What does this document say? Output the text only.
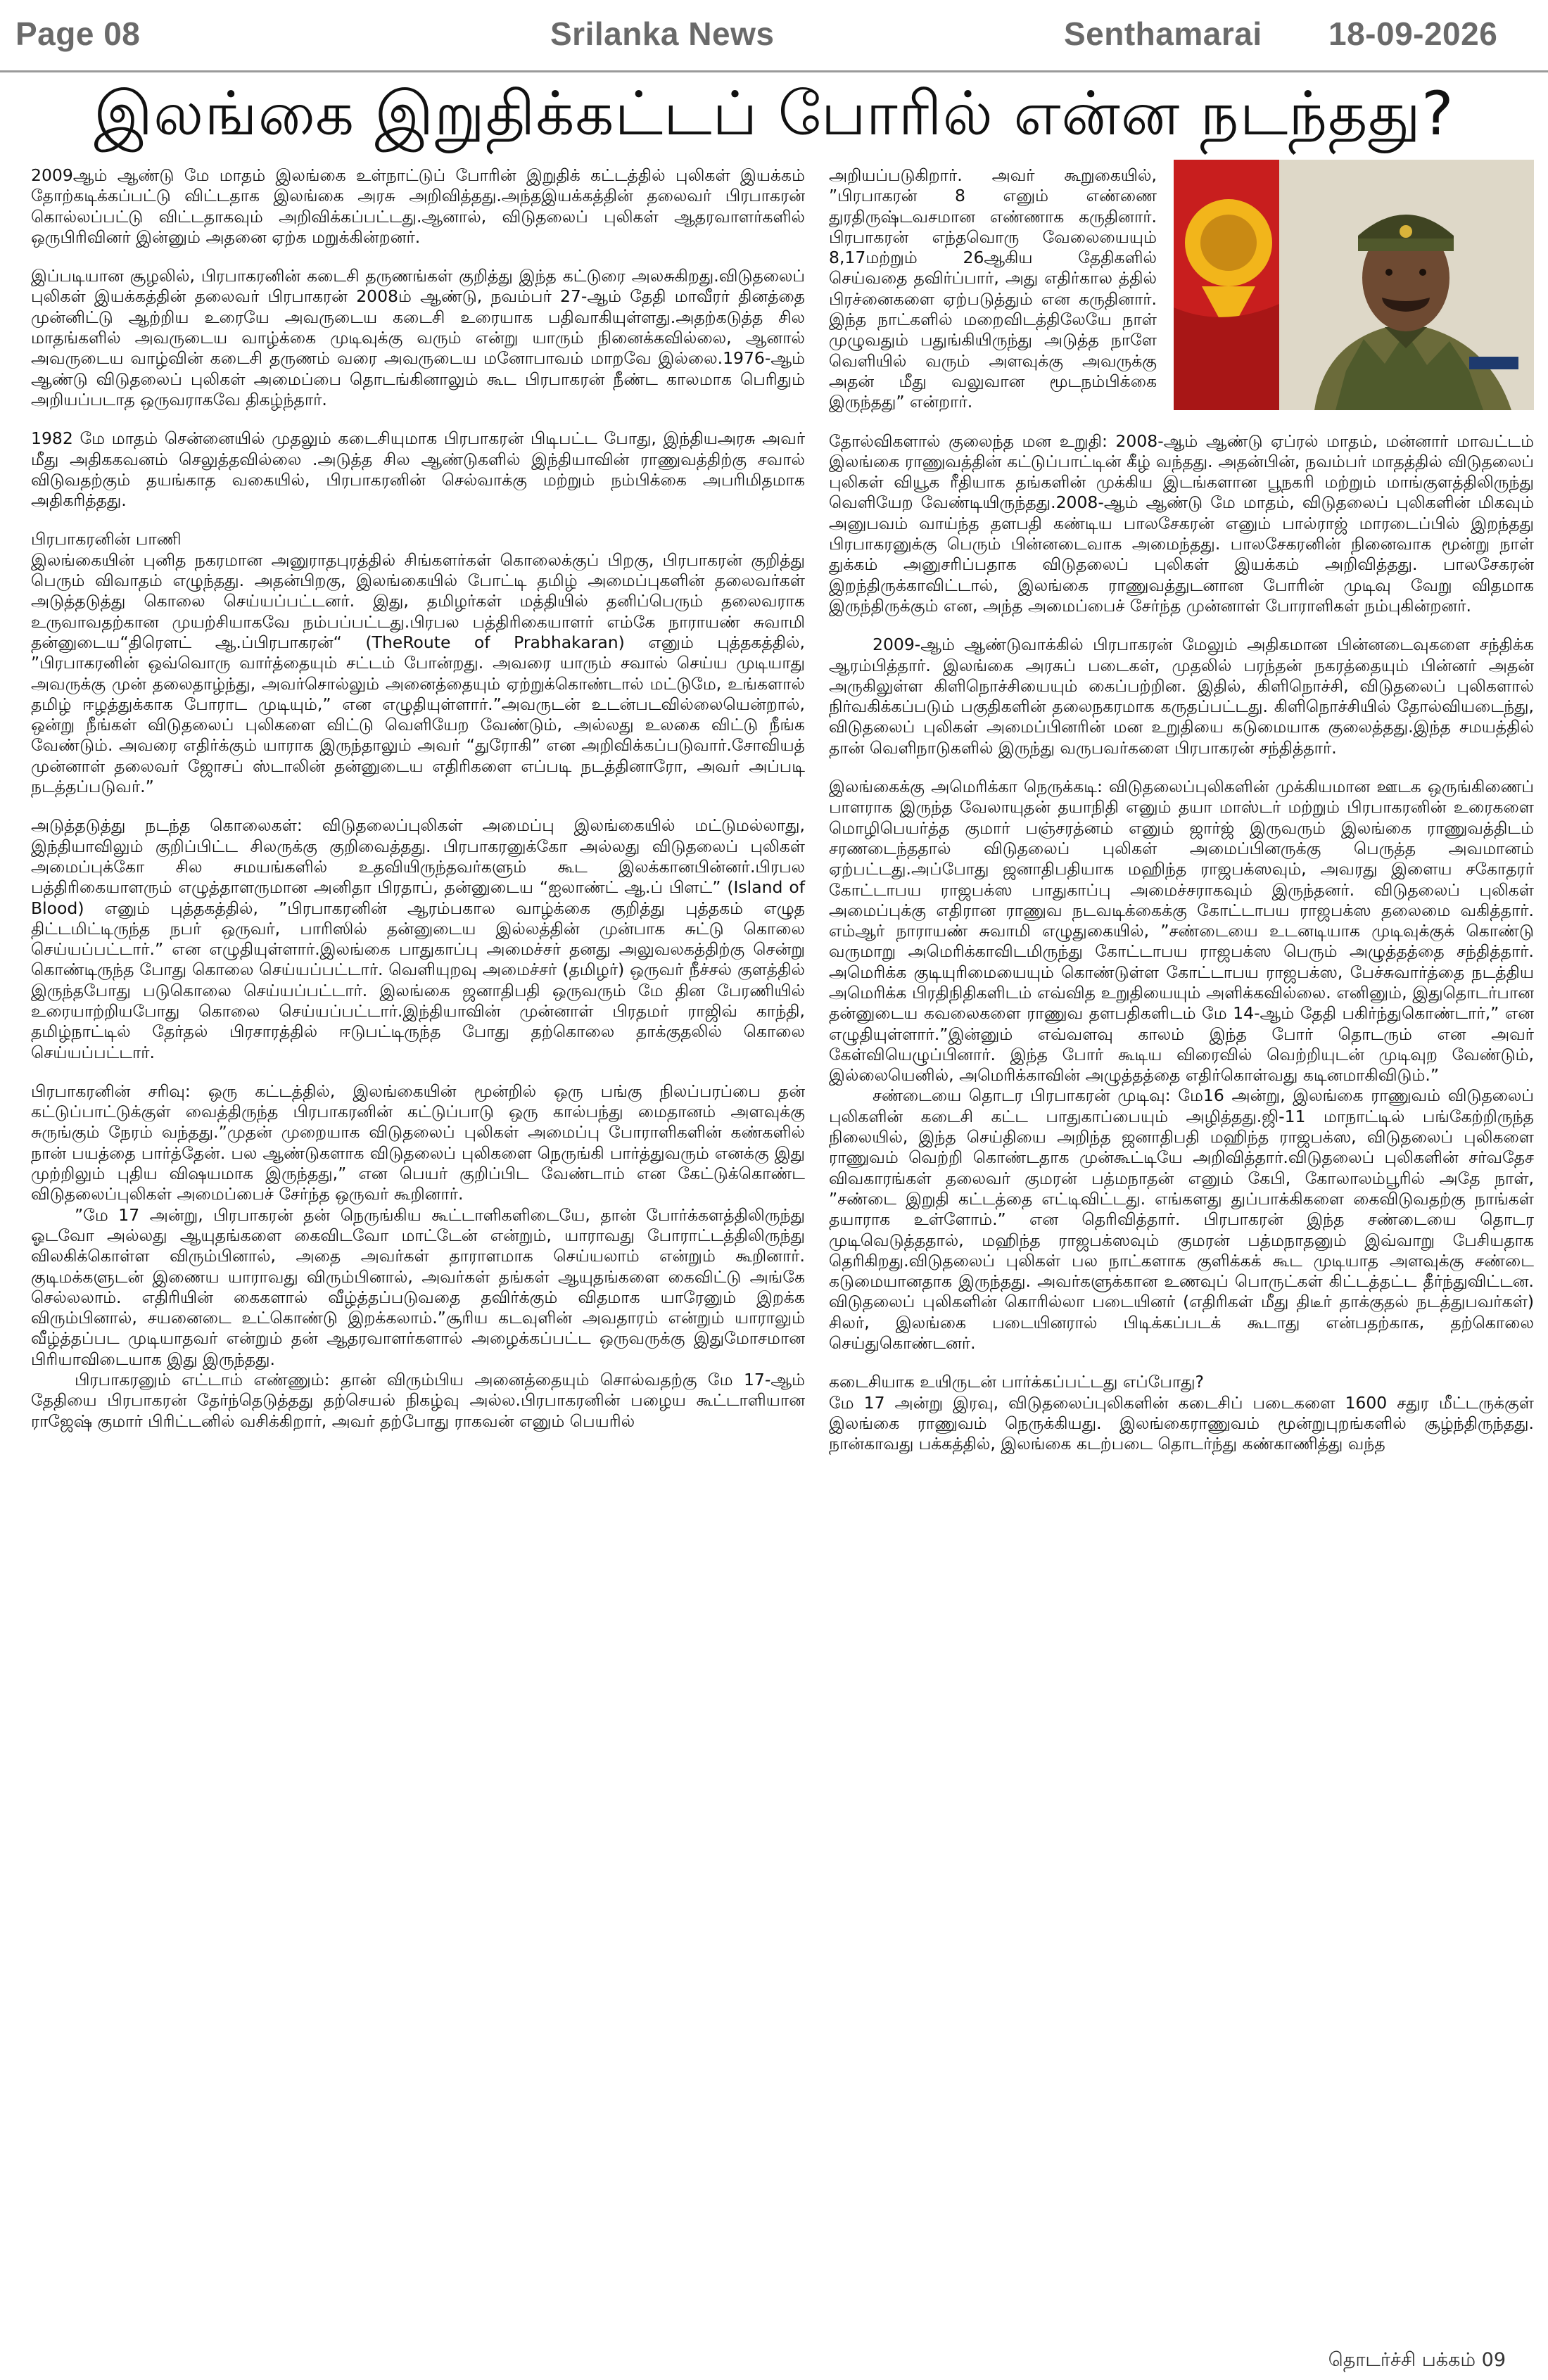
Page 08	Srilanka News	Senthamarai 18-09-2026
இலங்கை இறுதிக்கட்டப் போரில் என்ன நடந்தது?

2009ஆம் ஆண்டு மே மாதம் இலங்கை உள்நாட்டுப் போரின் இறுதிக் கட்டத்தில் புலிகள் இயக்கம் தோற்கடிக்கப்பட்டு விட்டதாக இலங்கை அரசு அறிவித்தது.அந்தஇயக்கத்தின் தலைவர் பிரபாகரன் கொல்லப்பட்டு விட்டதாகவும் அறிவிக்கப்பட்டது.ஆனால், விடுதலைப் புலிகள் ஆதரவாளர்களில் ஒருபிரிவினர் இன்னும் அதனை ஏற்க மறுக்கின்றனர்.

இப்படியான சூழலில், பிரபாகரனின் கடைசி தருணங்கள் குறித்து இந்த கட்டுரை அலசுகிறது.விடுதலைப் புலிகள் இயக்கத்தின் தலைவர் பிரபாகரன் 2008ம் ஆண்டு, நவம்பர் 27-ஆம் தேதி மாவீரர் தினத்தை முன்னிட்டு ஆற்றிய உரையே அவருடைய கடைசி உரையாக பதிவாகியுள்ளது.அதற்கடுத்த சில மாதங்களில் அவருடைய வாழ்க்கை முடிவுக்கு வரும் என்று யாரும் நினைக்கவில்லை, ஆனால் அவருடைய வாழ்வின் கடைசி தருணம் வரை அவருடைய மனோபாவம் மாறவே இல்லை.1976-ஆம் ஆண்டு விடுதலைப் புலிகள் அமைப்பை தொடங்கினாலும் கூட பிரபாகரன் நீண்ட காலமாக பெரிதும் அறியப்படாத ஒருவராகவே திகழ்ந்தார்.

1982 மே மாதம் சென்னையில் முதலும் கடைசியுமாக பிரபாகரன் பிடிபட்ட போது, இந்தியஅரசு அவர் மீது அதிககவனம் செலுத்தவில்லை .அடுத்த சில ஆண்டுகளில் இந்தியாவின் ராணுவத்திற்கு சவால் விடுவதற்கும் தயங்காத வகையில், பிரபாகரனின் செல்வாக்கு மற்றும் நம்பிக்கை அபரிமிதமாக அதிகரித்தது.

பிரபாகரனின் பாணி

இலங்கையின் புனித நகரமான அனுராதபுரத்தில் சிங்களர்கள் கொலைக்குப் பிறகு, பிரபாகரன் குறித்து பெரும் விவாதம் எழுந்தது. அதன்பிறகு, இலங்கையில் போட்டி தமிழ் அமைப்புகளின் தலைவர்கள் அடுத்தடுத்து கொலை செய்யப்பட்டனர். இது, தமிழர்கள் மத்தியில் தனிப்பெரும் தலைவராக உருவாவதற்கான முயற்சியாகவே நம்பப்பட்டது.பிரபல பத்திரிகையாளர் எம்கே நாராயண் சுவாமி தன்னுடைய“திரௌட் ஆ.ப்பிரபாகரன்“ (TheRoute of Prabhakaran) எனும் புத்தகத்தில், ”பிரபாகரனின் ஒவ்வொரு வார்த்தையும் சட்டம் போன்றது. அவரை யாரும் சவால் செய்ய முடியாது அவருக்கு முன் தலைதாழ்ந்து, அவர்சொல்லும் அனைத்தையும் ஏற்றுக்கொண்டால் மட்டுமே, உங்களால் தமிழ் ஈழத்துக்காக போராட முடியும்,” என எழுதியுள்ளார்.”அவருடன் உடன்படவில்லையென்றால், ஒன்று நீங்கள் விடுதலைப் புலிகளை விட்டு வெளியேற வேண்டும், அல்லது உலகை விட்டு நீங்க வேண்டும். அவரை எதிர்க்கும் யாராக இருந்தாலும் அவர் “துரோகி” என அறிவிக்கப்படுவார்.சோவியத் முன்னாள் தலைவர் ஜோசப் ஸ்டாலின் தன்னுடைய எதிரிகளை எப்படி நடத்தினாரோ, அவர் அப்படி நடத்தப்படுவர்.”

அடுத்தடுத்து நடந்த கொலைகள்: விடுதலைப்புலிகள் அமைப்பு இலங்கையில் மட்டுமல்லாது, இந்தியாவிலும் குறிப்பிட்ட சிலருக்கு குறிவைத்தது. பிரபாகரனுக்கோ அல்லது விடுதலைப் புலிகள் அமைப்புக்கோ சில சமயங்களில் உதவியிருந்தவர்களும் கூட இலக்கானபின்னர்.பிரபல பத்திரிகையாளரும் எழுத்தாளருமான அனிதா பிரதாப், தன்னுடைய “ஐலாண்ட் ஆ.ப் பிளட்” (Island of Blood) எனும் புத்தகத்தில், ”பிரபாகரனின் ஆரம்பகால வாழ்க்கை குறித்து புத்தகம் எழுத திட்டமிட்டிருந்த நபர் ஒருவர், பாரிஸில் தன்னுடைய இல்லத்தின் முன்பாக சுட்டு கொலை செய்யப்பட்டார்.” என எழுதியுள்ளார்.இலங்கை பாதுகாப்பு அமைச்சர் தனது அலுவலகத்திற்கு சென்று கொண்டிருந்த போது கொலை செய்யப்பட்டார். வெளியுறவு அமைச்சர் (தமிழர்) ஒருவர் நீச்சல் குளத்தில் இருந்தபோது படுகொலை செய்யப்பட்டார். இலங்கை ஜனாதிபதி ஒருவரும் மே தின பேரணியில் உரையாற்றியபோது கொலை செய்யப்பட்டார்.இந்தியாவின் முன்னாள் பிரதமர் ராஜிவ் காந்தி, தமிழ்நாட்டில் தேர்தல் பிரசாரத்தில் ஈடுபட்டிருந்த போது தற்கொலை தாக்குதலில் கொலை செய்யப்பட்டார்.

பிரபாகரனின் சரிவு: ஒரு கட்டத்தில், இலங்கையின் மூன்றில் ஒரு பங்கு நிலப்பரப்பை தன் கட்டுப்பாட்டுக்குள் வைத்திருந்த பிரபாகரனின் கட்டுப்பாடு ஒரு கால்பந்து மைதானம் அளவுக்கு சுருங்கும் நேரம் வந்தது.”முதன் முறையாக விடுதலைப் புலிகள் அமைப்பு போராளிகளின் கண்களில் நான் பயத்தை பார்த்தேன். பல ஆண்டுகளாக விடுதலைப் புலிகளை நெருங்கி பார்த்துவரும் எனக்கு இது முற்றிலும் புதிய விஷயமாக இருந்தது,” என பெயர் குறிப்பிட வேண்டாம் என கேட்டுக்கொண்ட விடுதலைப்புலிகள் அமைப்பைச் சேர்ந்த ஒருவர் கூறினார்.

”மே 17 அன்று, பிரபாகரன் தன் நெருங்கிய கூட்டாளிகளிடையே, தான் போர்க்களத்திலிருந்து ஓடவோ அல்லது ஆயுதங்களை கைவிடவோ மாட்டேன் என்றும், யாராவது போராட்டத்திலிருந்து விலகிக்கொள்ள விரும்பினால், அதை அவர்கள் தாராளமாக செய்யலாம் என்றும் கூறினார். குடிமக்களுடன் இணைய யாராவது விரும்பினால், அவர்கள் தங்கள் ஆயுதங்களை கைவிட்டு அங்கே செல்லலாம். எதிரியின் கைகளால் வீழ்த்தப்படுவதை தவிர்க்கும் விதமாக யாரேனும் இறக்க விரும்பினால், சயனைடை உட்கொண்டு இறக்கலாம்.”சூரிய கடவுளின் அவதாரம் என்றும் யாராலும் வீழ்த்தப்பட முடியாதவர் என்றும் தன் ஆதரவாளர்களால் அழைக்கப்பட்ட ஒருவருக்கு இதுமோசமான பிரியாவிடையாக இது இருந்தது.

பிரபாகரனும் எட்டாம் எண்ணும்: தான் விரும்பிய அனைத்தையும் சொல்வதற்கு மே 17-ஆம் தேதியை பிரபாகரன் தேர்ந்தெடுத்தது தற்செயல் நிகழ்வு அல்ல.பிரபாகரனின் பழைய கூட்டாளியான ராஜேஷ் குமார் பிரிட்டனில் வசிக்கிறார், அவர் தற்போது ராகவன் எனும் பெயரில்

அறியப்படுகிறார். அவர் கூறுகையில், ”பிரபாகரன் 8 எனும் எண்ணை துரதிருஷ்டவசமான எண்ணாக கருதினார். பிரபாகரன் எந்தவொரு வேலையையும் 8,17மற்றும் 26ஆகிய தேதிகளில் செய்வதை தவிர்ப்பார், அது எதிர்கால த்தில் பிரச்னைகளை ஏற்படுத்தும் என கருதினார். இந்த நாட்களில் மறைவிடத்திலேயே நாள் முழுவதும் பதுங்கியிருந்து அடுத்த நாளே வெளியில் வரும் அளவுக்கு அவருக்கு அதன் மீது வலுவான மூடநம்பிக்கை இருந்தது” என்றார்.

தோல்விகளால் குலைந்த மன உறுதி: 2008-ஆம் ஆண்டு ஏப்ரல் மாதம், மன்னார் மாவட்டம் இலங்கை ராணுவத்தின் கட்டுப்பாட்டின் கீழ் வந்தது. அதன்பின், நவம்பர் மாதத்தில் விடுதலைப் புலிகள் வியூக ரீதியாக தங்களின் முக்கிய இடங்களான பூநகரி மற்றும் மாங்குளத்திலிருந்து வெளியேற வேண்டியிருந்தது.2008-ஆம் ஆண்டு மே மாதம், விடுதலைப் புலிகளின் மிகவும் அனுபவம் வாய்ந்த தளபதி கண்டிய பாலசேகரன் எனும் பால்ராஜ் மாரடைப்பில் இறந்தது பிரபாகரனுக்கு பெரும் பின்னடைவாக அமைந்தது. பாலசேகரனின் நினைவாக மூன்று நாள் துக்கம் அனுசரிப்பதாக விடுதலைப் புலிகள் இயக்கம் அறிவித்தது. பாலசேகரன் இறந்திருக்காவிட்டால், இலங்கை ராணுவத்துடனான போரின் முடிவு வேறு விதமாக இருந்திருக்கும் என, அந்த அமைப்பைச் சேர்ந்த முன்னாள் போராளிகள் நம்புகின்றனர்.

2009-ஆம் ஆண்டுவாக்கில் பிரபாகரன் மேலும் அதிகமான பின்னடைவுகளை சந்திக்க ஆரம்பித்தார். இலங்கை அரசுப் படைகள், முதலில் பரந்தன் நகரத்தையும் பின்னர் அதன் அருகிலுள்ள கிளிநொச்சியையும் கைப்பற்றின. இதில், கிளிநொச்சி, விடுதலைப் புலிகளால் நிர்வகிக்கப்படும் பகுதிகளின் தலைநகரமாக கருதப்பட்டது. கிளிநொச்சியில் தோல்வியடைந்து, விடுதலைப் புலிகள் அமைப்பினரின் மன உறுதியை கடுமையாக குலைத்தது.இந்த சமயத்தில் தான் வெளிநாடுகளில் இருந்து வருபவர்களை பிரபாகரன் சந்தித்தார்.

இலங்கைக்கு அமெரிக்கா நெருக்கடி: விடுதலைப்புலிகளின் முக்கியமான ஊடக ஒருங்கிணைப் பாளராக இருந்த வேலாயுதன் தயாநிதி எனும் தயா மாஸ்டர் மற்றும் பிரபாகரனின் உரைகளை மொழிபெயர்த்த குமார் பஞ்சரத்னம் எனும் ஜார்ஜ் இருவரும் இலங்கை ராணுவத்திடம் சரணடைந்ததால் விடுதலைப் புலிகள் அமைப்பினருக்கு பெருத்த அவமானம் ஏற்பட்டது.அப்போது ஜனாதிபதியாக மஹிந்த ராஜபக்ஸவும், அவரது இளைய சகோதரர் கோட்டாபய ராஜபக்ஸ பாதுகாப்பு அமைச்சராகவும் இருந்தனர். விடுதலைப் புலிகள் அமைப்புக்கு எதிரான ராணுவ நடவடிக்கைக்கு கோட்டாபய ராஜபக்ஸ தலைமை வகித்தார். எம்ஆர் நாராயண் சுவாமி எழுதுகையில், ”சண்டையை உடனடியாக முடிவுக்குக் கொண்டு வருமாறு அமெரிக்காவிடமிருந்து கோட்டாபய ராஜபக்ஸ பெரும் அழுத்தத்தை சந்தித்தார். அமெரிக்க குடியுரிமையையும் கொண்டுள்ள கோட்டாபய ராஜபக்ஸ, பேச்சுவார்த்தை நடத்திய அமெரிக்க பிரதிநிதிகளிடம் எவ்வித உறுதியையும் அளிக்கவில்லை. எனினும், இதுதொடர்பான தன்னுடைய கவலைகளை ராணுவ தளபதிகளிடம் மே 14-ஆம் தேதி பகிர்ந்துகொண்டார்,” என எழுதியுள்ளார்.”இன்னும் எவ்வளவு காலம் இந்த போர் தொடரும் என அவர் கேள்வியெழுப்பினார். இந்த போர் கூடிய விரைவில் வெற்றியுடன் முடிவுற வேண்டும், இல்லையெனில், அமெரிக்காவின் அழுத்தத்தை எதிர்கொள்வது கடினமாகிவிடும்.”

சண்டையை தொடர பிரபாகரன் முடிவு: மே16 அன்று, இலங்கை ராணுவம் விடுதலைப் புலிகளின் கடைசி கட்ட பாதுகாப்பையும் அழித்தது.ஜி-11 மாநாட்டில் பங்கேற்றிருந்த நிலையில், இந்த செய்தியை அறிந்த ஜனாதிபதி மஹிந்த ராஜபக்ஸ, விடுதலைப் புலிகளை ராணுவம் வெற்றி கொண்டதாக முன்கூட்டியே அறிவித்தார்.விடுதலைப் புலிகளின் சர்வதேச விவகாரங்கள் தலைவர் குமரன் பத்மநாதன் எனும் கேபி, கோலாலம்பூரில் அதே நாள், ”சண்டை இறுதி கட்டத்தை எட்டிவிட்டது. எங்களது துப்பாக்கிகளை கைவிடுவதற்கு நாங்கள் தயாராக உள்ளோம்.” என தெரிவித்தார். பிரபாகரன் இந்த சண்டையை தொடர முடிவெடுத்ததால், மஹிந்த ராஜபக்ஸவும் குமரன் பத்மநாதனும் இவ்வாறு பேசியதாக தெரிகிறது.விடுதலைப் புலிகள் பல நாட்களாக குளிக்கக் கூட முடியாத அளவுக்கு சண்டை கடுமையானதாக இருந்தது. அவர்களுக்கான உணவுப் பொருட்கள் கிட்டத்தட்ட தீர்ந்துவிட்டன. விடுதலைப் புலிகளின் கொரில்லா படையினர் (எதிரிகள் மீது திடீர் தாக்குதல் நடத்துபவர்கள்) சிலர், இலங்கை படையினரால் பிடிக்கப்படக் கூடாது என்பதற்காக, தற்கொலை செய்துகொண்டனர்.

கடைசியாக உயிருடன் பார்க்கப்பட்டது எப்போது?

மே 17 அன்று இரவு, விடுதலைப்புலிகளின் கடைசிப் படைகளை 1600 சதுர மீட்டருக்குள் இலங்கை ராணுவம் நெருக்கியது. இலங்கைராணுவம் மூன்றுபுறங்களில் சூழ்ந்திருந்தது. நான்காவது பக்கத்தில், இலங்கை கடற்படை தொடர்ந்து கண்காணித்து வந்த

தொடர்ச்சி பக்கம் 09
